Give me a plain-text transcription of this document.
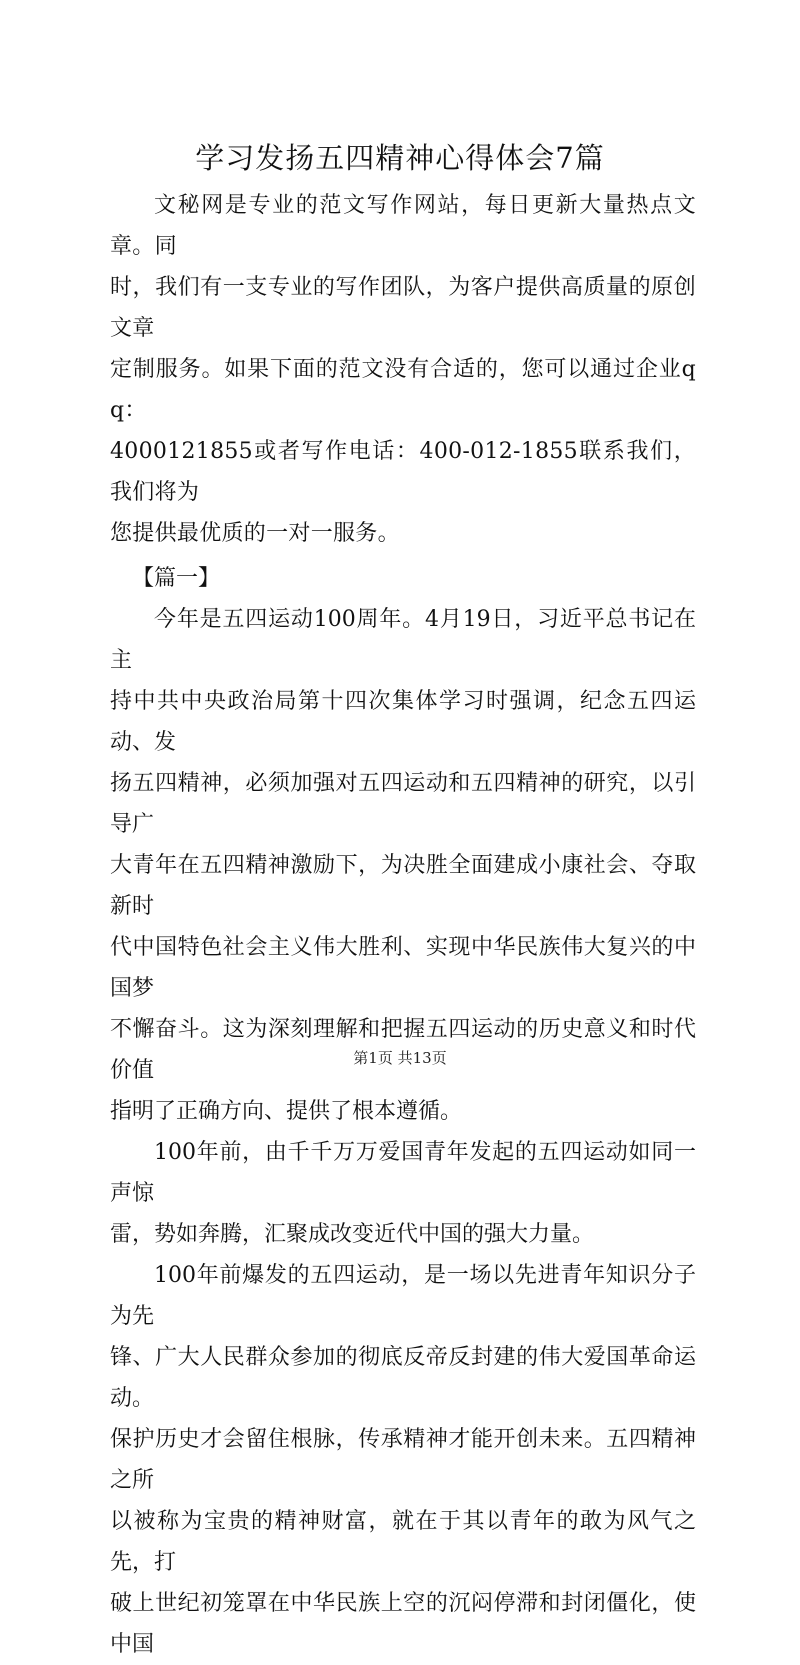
学习发扬五四精神心得体会7篇

文秘网是专业的范文写作网站，每日更新大量热点文章。同
时，我们有一支专业的写作团队，为客户提供高质量的原创文章
定制服务。如果下面的范文没有合适的，您可以通过企业qq：
4000121855或者写作电话：400-012-1855联系我们，我们将为
您提供最优质的一对一服务。

【篇一】

今年是五四运动100周年。4月19日，习近平总书记在主
持中共中央政治局第十四次集体学习时强调，纪念五四运动、发
扬五四精神，必须加强对五四运动和五四精神的研究，以引导广
大青年在五四精神激励下，为决胜全面建成小康社会、夺取新时
代中国特色社会主义伟大胜利、实现中华民族伟大复兴的中国梦
不懈奋斗。这为深刻理解和把握五四运动的历史意义和时代价值
指明了正确方向、提供了根本遵循。

100年前，由千千万万爱国青年发起的五四运动如同一声惊
雷，势如奔腾，汇聚成改变近代中国的强大力量。

100年前爆发的五四运动，是一场以先进青年知识分子为先
锋、广大人民群众参加的彻底反帝反封建的伟大爱国革命运动。
保护历史才会留住根脉，传承精神才能开创未来。五四精神之所
以被称为宝贵的精神财富，就在于其以青年的敢为风气之先，打
破上世纪初笼罩在中华民族上空的沉闷停滞和封闭僵化，使中国

第1页 共13页
